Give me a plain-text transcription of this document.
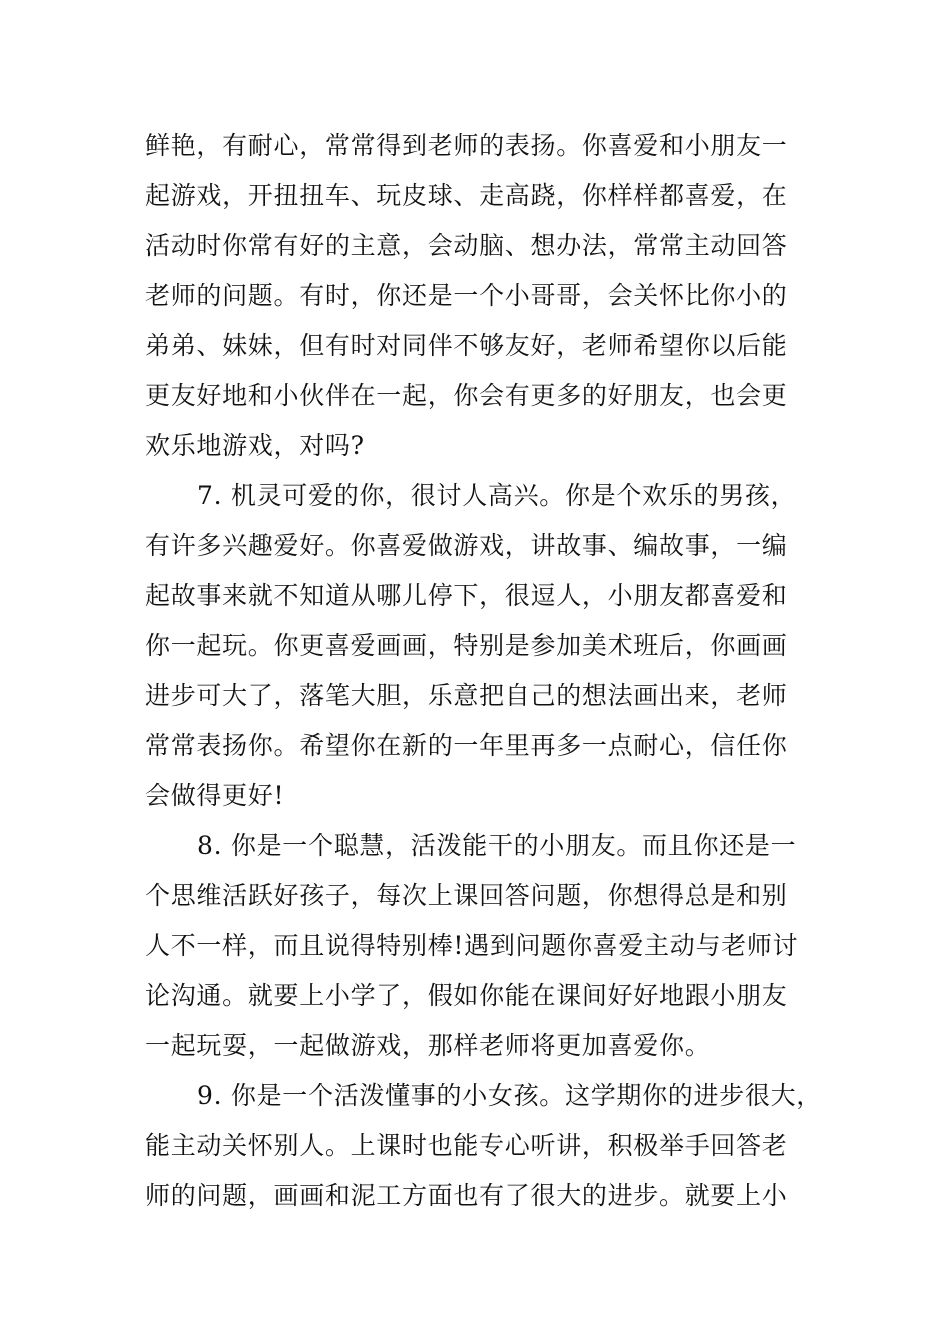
鲜艳，有耐心，常常得到老师的表扬。你喜爱和小朋友一
起游戏，开扭扭车、玩皮球、走高跷，你样样都喜爱，在
活动时你常有好的主意，会动脑、想办法，常常主动回答
老师的问题。有时，你还是一个小哥哥，会关怀比你小的
弟弟、妹妹，但有时对同伴不够友好，老师希望你以后能
更友好地和小伙伴在一起，你会有更多的好朋友，也会更
欢乐地游戏，对吗?
7. 机灵可爱的你，很讨人高兴。你是个欢乐的男孩，
有许多兴趣爱好。你喜爱做游戏，讲故事、编故事，一编
起故事来就不知道从哪儿停下，很逗人，小朋友都喜爱和
你一起玩。你更喜爱画画，特别是参加美术班后，你画画
进步可大了，落笔大胆，乐意把自己的想法画出来，老师
常常表扬你。希望你在新的一年里再多一点耐心，信任你
会做得更好!
8. 你是一个聪慧，活泼能干的小朋友。而且你还是一
个思维活跃好孩子，每次上课回答问题，你想得总是和别
人不一样，而且说得特别棒!遇到问题你喜爱主动与老师讨
论沟通。就要上小学了，假如你能在课间好好地跟小朋友
一起玩耍，一起做游戏，那样老师将更加喜爱你。
9. 你是一个活泼懂事的小女孩。这学期你的进步很大，
能主动关怀别人。上课时也能专心听讲，积极举手回答老
师的问题，画画和泥工方面也有了很大的进步。就要上小
